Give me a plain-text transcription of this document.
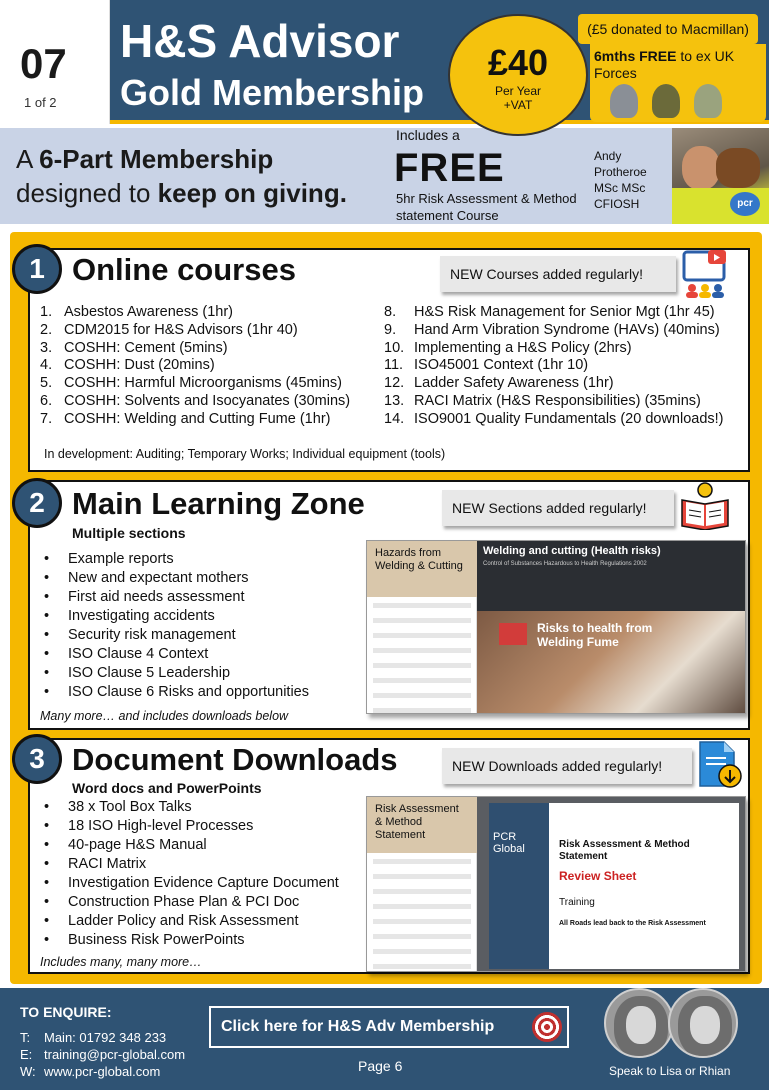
07
1 of 2
H&S Advisor
Gold Membership
(£5 donated to Macmillan)
6mths FREE to ex UK Forces
£40
Per Year
+VAT
A 6-Part Membership
designed to keep on giving.
Includes a
FREE
5hr Risk Assessment & Method statement Course
Andy
Protheroe
MSc MSc
CFIOSH	pcr
1 Online courses	NEW Courses added regularly!
1. Asbestos Awareness (1hr)
2. CDM2015 for H&S Advisors (1hr 40)
3. COSHH: Cement (5mins)
4. COSHH: Dust (20mins)
5. COSHH: Harmful Microorganisms (45mins)
6. COSHH: Solvents and Isocyanates (30mins)
7. COSHH: Welding and Cutting Fume (1hr)
8. H&S Risk Management for Senior Mgt (1hr 45)
9. Hand Arm Vibration Syndrome (HAVs) (40mins)
10. Implementing a H&S Policy (2hrs)
11. ISO45001 Context (1hr 10)
12. Ladder Safety Awareness (1hr)
13. RACI Matrix (H&S Responsibilities) (35mins)
14. ISO9001 Quality Fundamentals (20 downloads!)
In development: Auditing; Temporary Works; Individual equipment (tools)
2 Main Learning Zone
Multiple sections
NEW Sections added regularly!
• Example reports
• New and expectant mothers
• First aid needs assessment
• Investigating accidents
• Security risk management
• ISO Clause 4 Context
• ISO Clause 5 Leadership
• ISO Clause 6 Risks and opportunities
Many more… and includes downloads below
Hazards from Welding & Cutting
Welding and cutting (Health risks)
Control of Substances Hazardous to Health Regulations 2002
Risks to health from Welding Fume
3 Document Downloads
Word docs and PowerPoints
NEW Downloads added regularly!
• 38 x Tool Box Talks
• 18 ISO High-level Processes
• 40-page H&S Manual
• RACI Matrix
• Investigation Evidence Capture Document
• Construction Phase Plan & PCI Doc
• Ladder Policy and Risk Assessment
• Business Risk PowerPoints
Includes many, many more…
Risk Assessment & Method Statement	PCR Global	Risk Assessment & Method Statement
Review Sheet
Training
All Roads lead back to the Risk Assessment
TO ENQUIRE:
T: Main: 01792 348 233
E: training@pcr-global.com
W: www.pcr-global.com
Click here for H&S Adv Membership
Page 6	Speak to Lisa or Rhian
